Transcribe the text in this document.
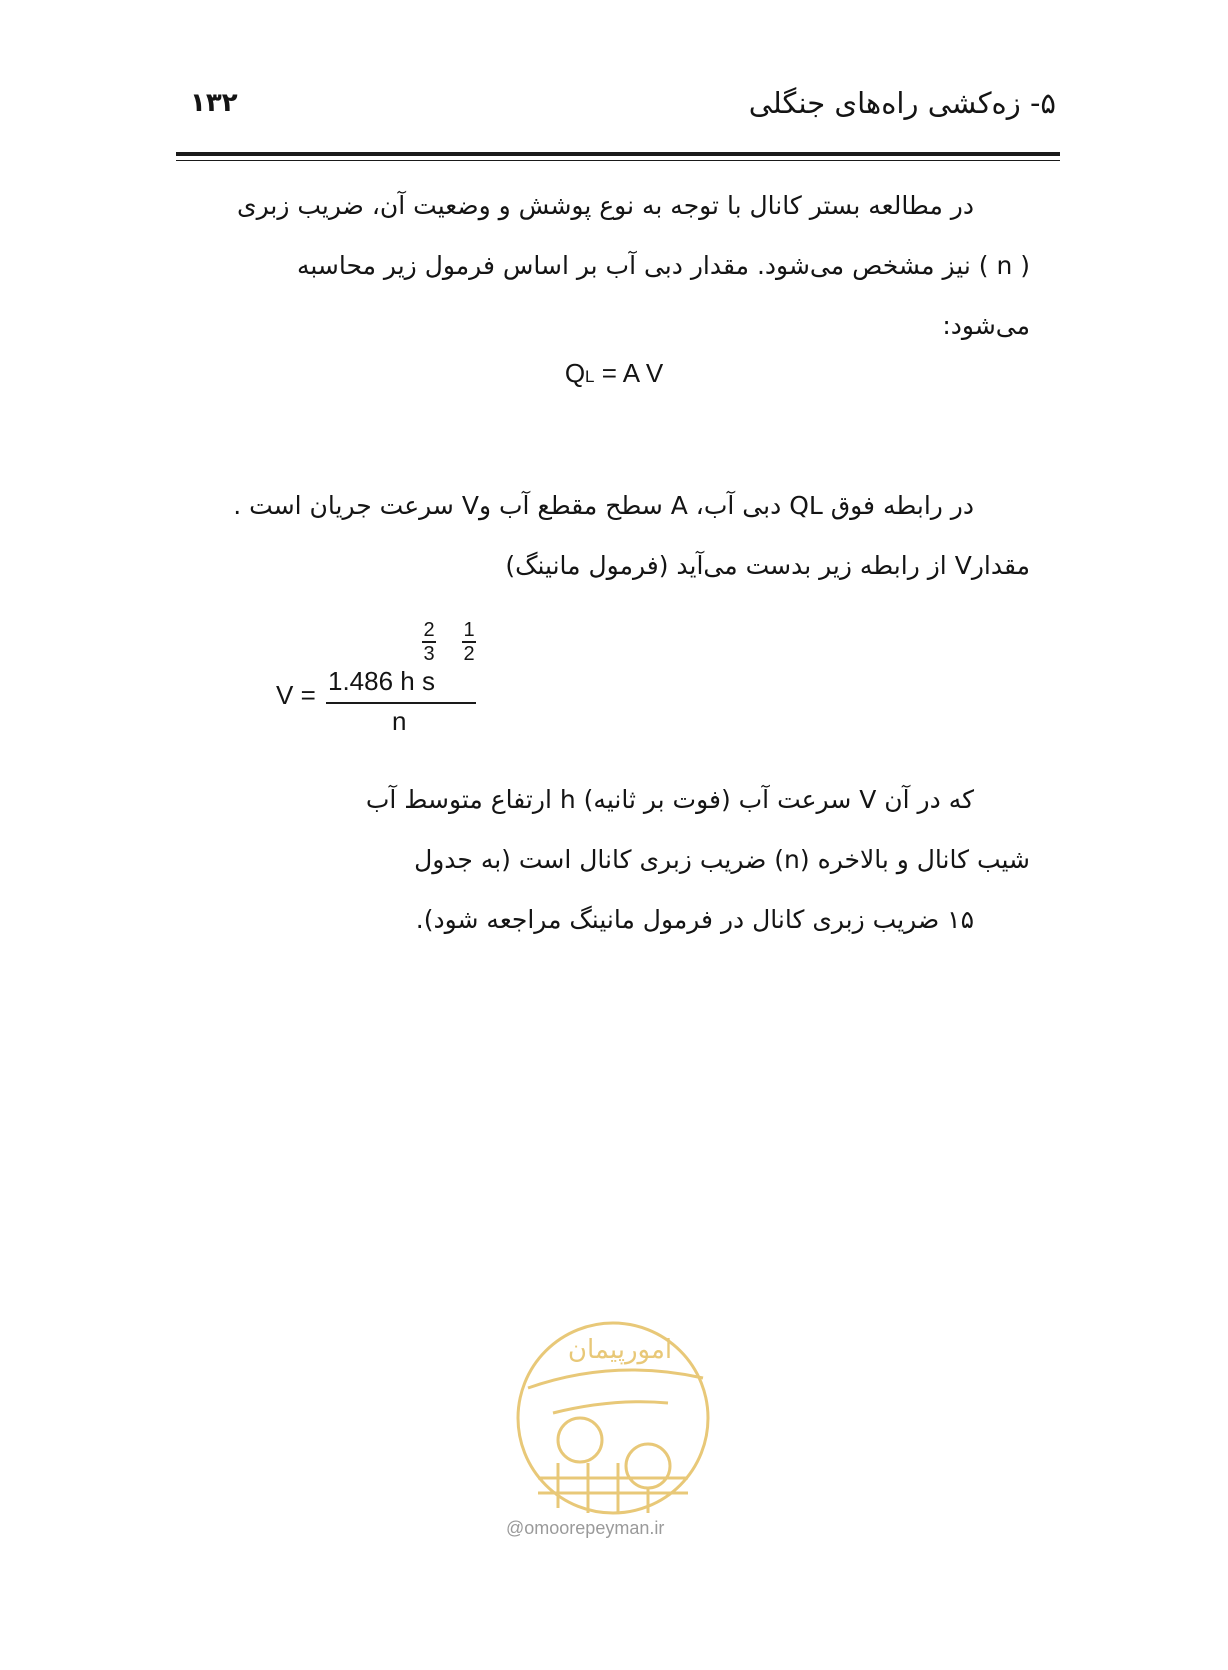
۵- زه‌کشی راه‌های جنگلی
۱۳۲
در مطالعه بستر کانال با توجه به نوع پوشش و وضعیت آن، ضریب زبری
( n ) نیز مشخص می‌شود. مقدار دبی آب بر اساس فرمول زیر محاسبه
می‌شود:
QL = A V
در رابطه فوق QL دبی آب، A سطح مقطع آب وV سرعت جریان است .
مقدارV از رابطه زیر بدست می‌آید (فرمول مانینگ)
V = 1.486 h s
2
3
1
2
n
که در آن V سرعت آب (فوت بر ثانیه) h ارتفاع متوسط آب
شیب کانال و بالاخره (n) ضریب زبری کانال است (به جدول
۱۵ ضریب زبری کانال در فرمول مانینگ مراجعه شود).
امورپیمان
@omoorepeyman.ir
